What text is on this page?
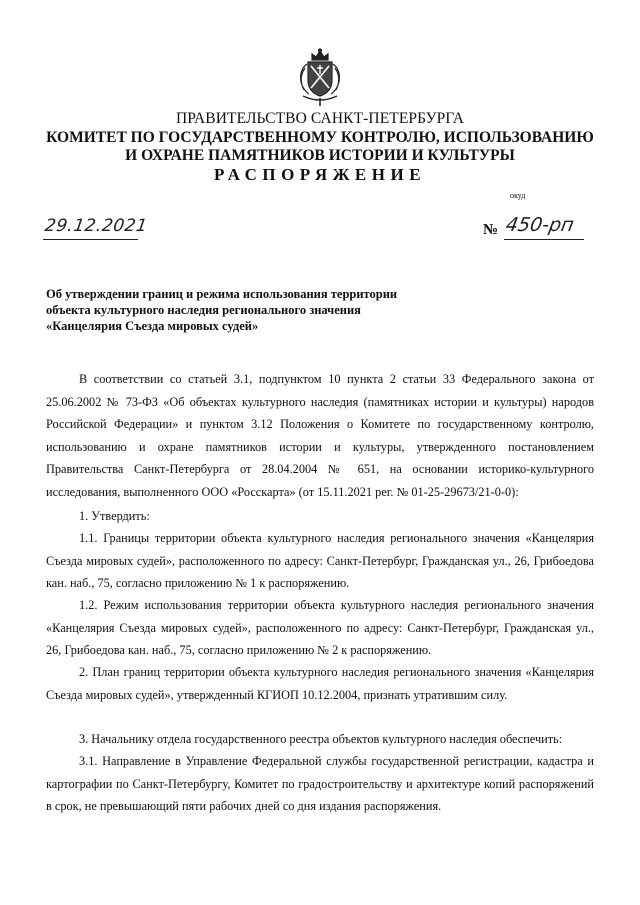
ПРАВИТЕЛЬСТВО САНКТ-ПЕТЕРБУРГА
КОМИТЕТ ПО ГОСУДАРСТВЕННОМУ КОНТРОЛЮ, ИСПОЛЬЗОВАНИЮ
И ОХРАНЕ ПАМЯТНИКОВ ИСТОРИИ И КУЛЬТУРЫ
РАСПОРЯЖЕНИЕ
окуд
29.12.2021	№ 450-рп
Об утверждении границ и режима использования территории
объекта культурного наследия регионального значения
«Канцелярия Съезда мировых судей»

В соответствии со статьей 3.1, подпунктом 10 пункта 2 статьи 33 Федерального закона от 25.06.2002 № 73-ФЗ «Об объектах культурного наследия (памятниках истории и культуры) народов Российской Федерации» и пунктом 3.12 Положения о Комитете по государственному контролю, использованию и охране памятников истории и культуры, утвержденного постановлением Правительства Санкт-Петербурга от 28.04.2004 № 651, на основании историко-культурного исследования, выполненного ООО «Росскарта» (от 15.11.2021 рег. № 01-25-29673/21-0-0):

1. Утвердить:

1.1. Границы территории объекта культурного наследия регионального значения «Канцелярия Съезда мировых судей», расположенного по адресу: Санкт-Петербург, Гражданская ул., 26, Грибоедова кан. наб., 75, согласно приложению № 1 к распоряжению.

1.2. Режим использования территории объекта культурного наследия регионального значения «Канцелярия Съезда мировых судей», расположенного по адресу: Санкт-Петербург, Гражданская ул., 26, Грибоедова кан. наб., 75, согласно приложению № 2 к распоряжению.

2. План границ территории объекта культурного наследия регионального значения «Канцелярия Съезда мировых судей», утвержденный КГИОП 10.12.2004, признать утратившим силу.

3. Начальнику отдела государственного реестра объектов культурного наследия обеспечить:

3.1. Направление в Управление Федеральной службы государственной регистрации, кадастра и картографии по Санкт-Петербургу, Комитет по градостроительству и архитектуре копий распоряжений в срок, не превышающий пяти рабочих дней со дня издания распоряжения.
